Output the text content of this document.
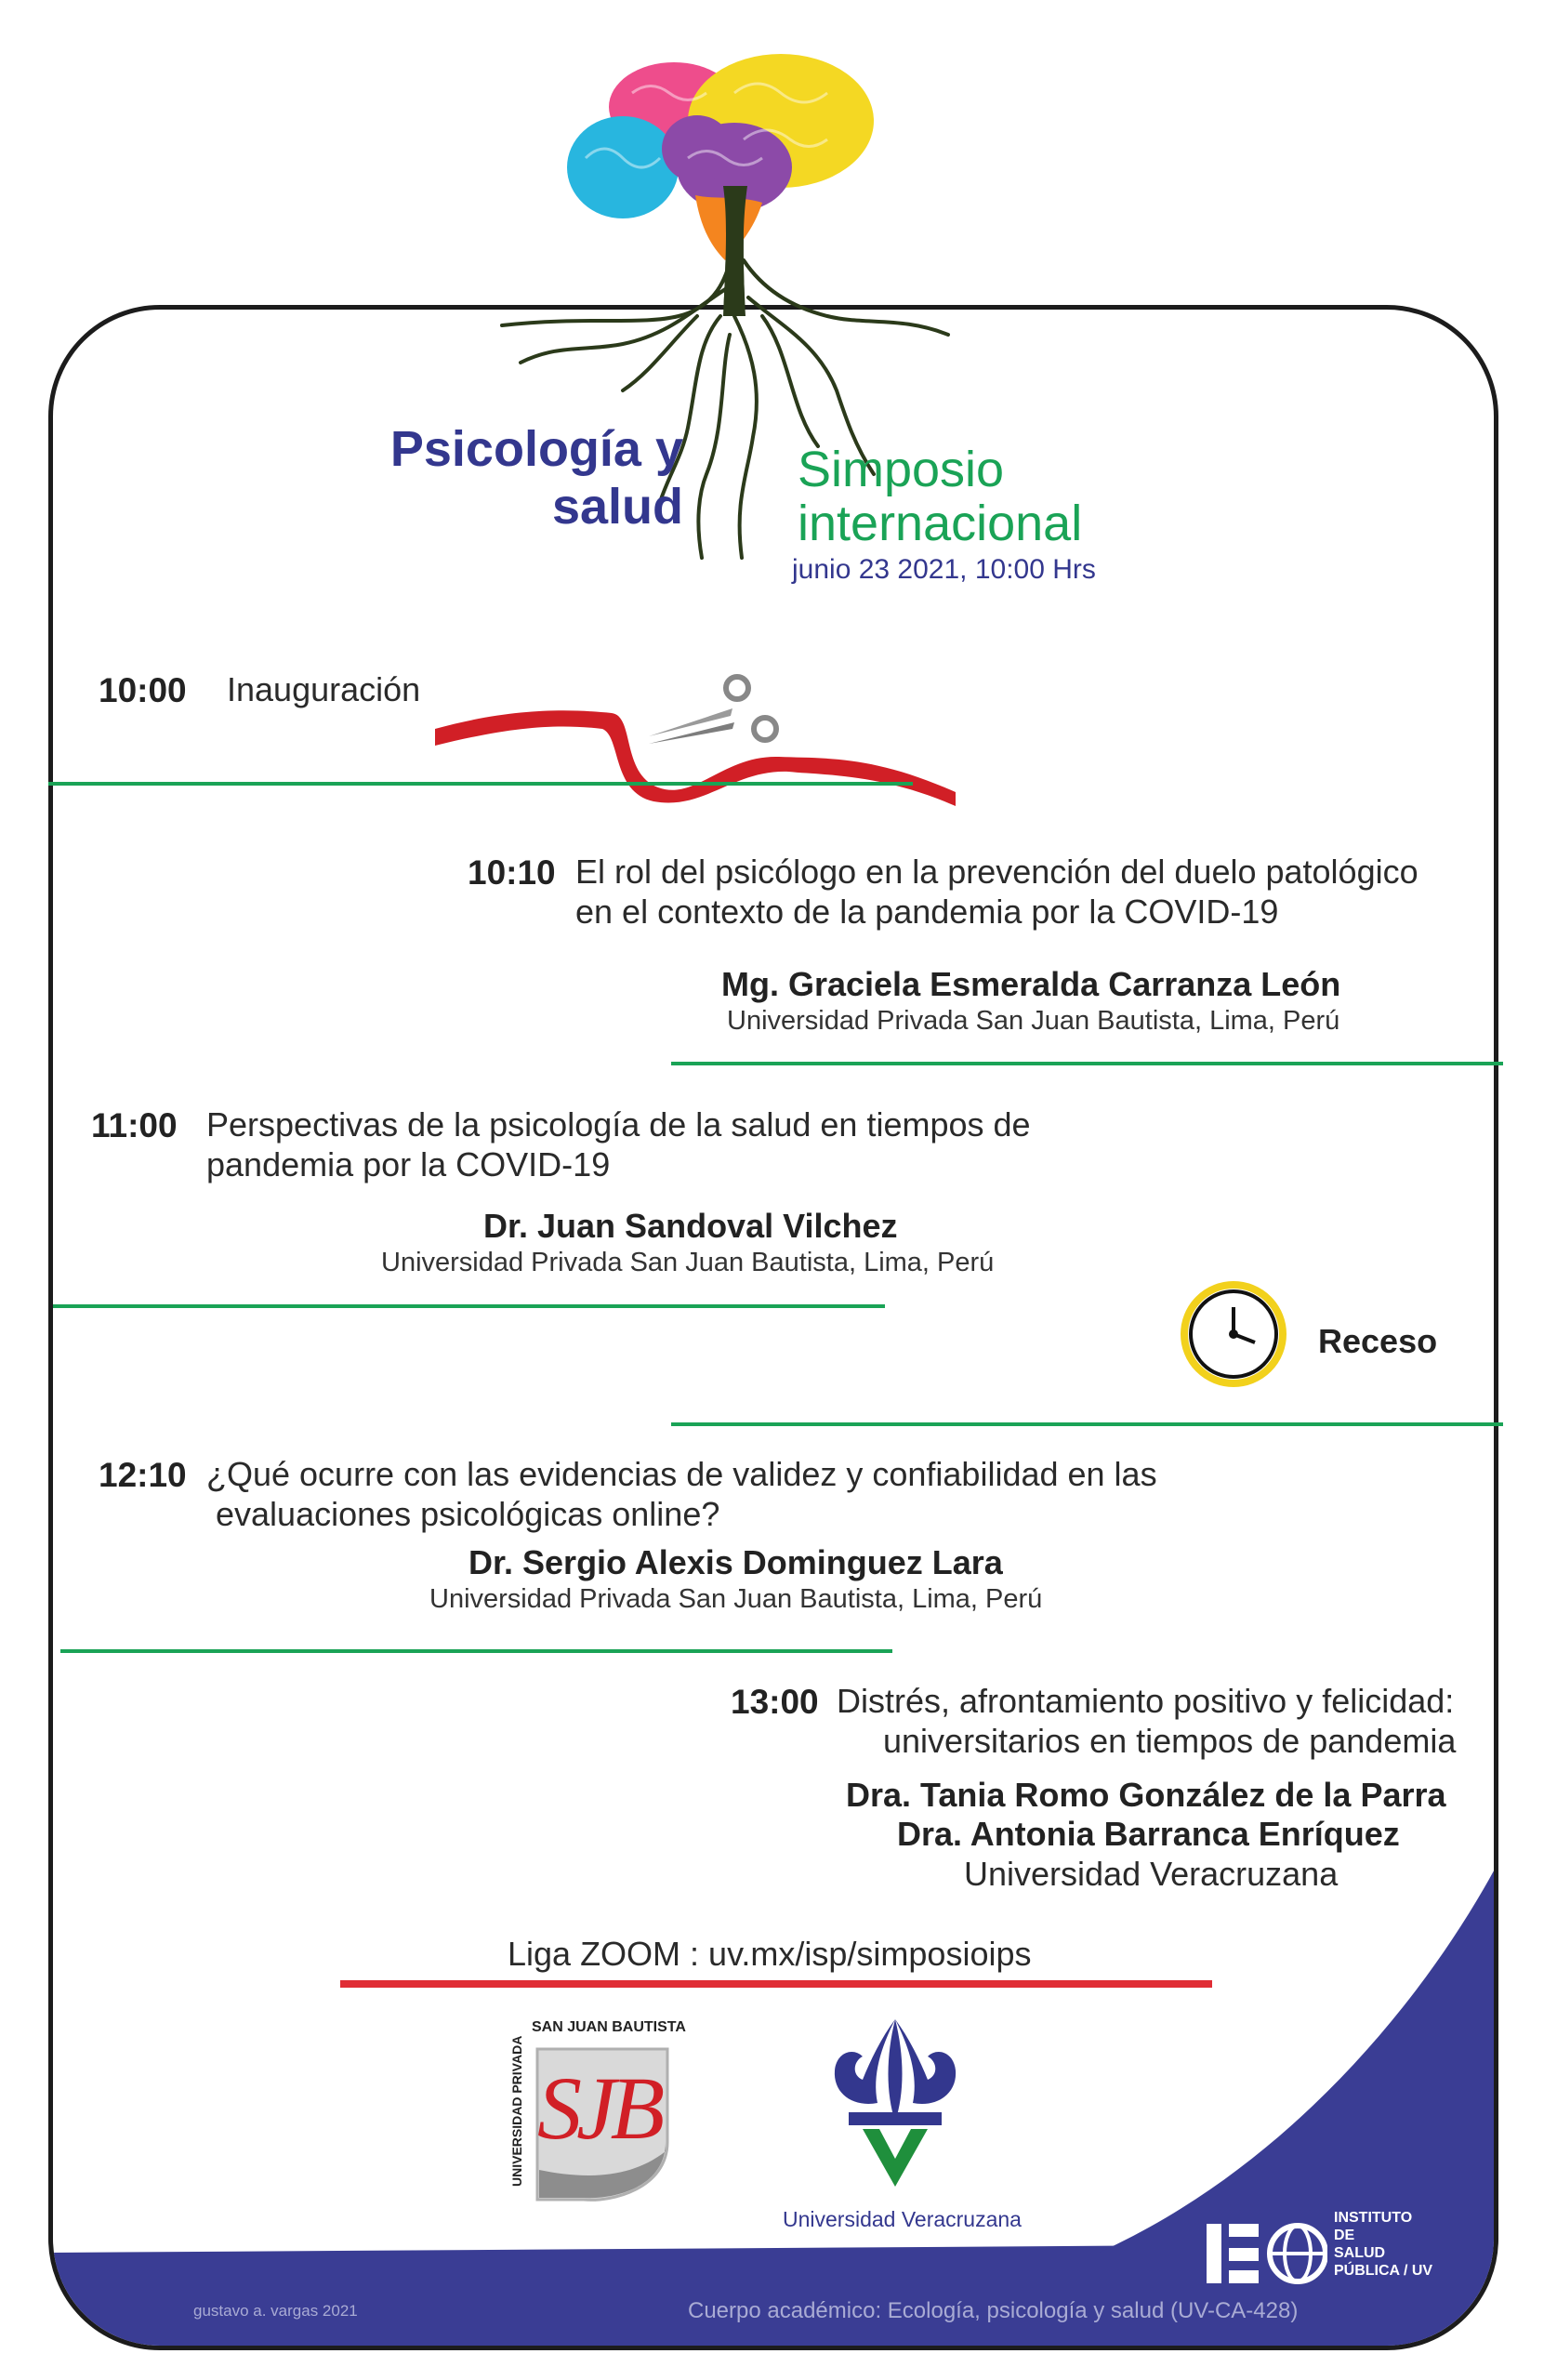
Psicología y
salud
Simposio
internacional
junio 23 2021, 10:00 Hrs
10:00 Inauguración
10:10 El rol del psicólogo en la prevención del duelo patológico
en el contexto de la pandemia por la COVID-19
Mg. Graciela Esmeralda Carranza León
Universidad Privada San Juan Bautista, Lima, Perú
11:00 Perspectivas de la psicología de la salud en tiempos de
pandemia por la COVID-19
Dr. Juan Sandoval Vilchez
Universidad Privada San Juan Bautista, Lima, Perú
Receso
12:10 ¿Qué ocurre con las evidencias de validez y confiabilidad en las
evaluaciones psicológicas online?
Dr. Sergio Alexis Dominguez Lara
Universidad Privada San Juan Bautista, Lima, Perú
13:00 Distrés, afrontamiento positivo y felicidad:
universitarios en tiempos de pandemia
Dra. Tania Romo González de la Parra
Dra. Antonia Barranca Enríquez
Universidad Veracruzana
Liga ZOOM : uv.mx/isp/simposioips
SAN JUAN BAUTISTA
UNIVERSIDAD PRIVADA SJB
Universidad Veracruzana	IS	INSTITUTO
DE
SALUD
PÚBLICA / UV
gustavo a. vargas 2021	Cuerpo académico: Ecología, psicología y salud (UV-CA-428)
